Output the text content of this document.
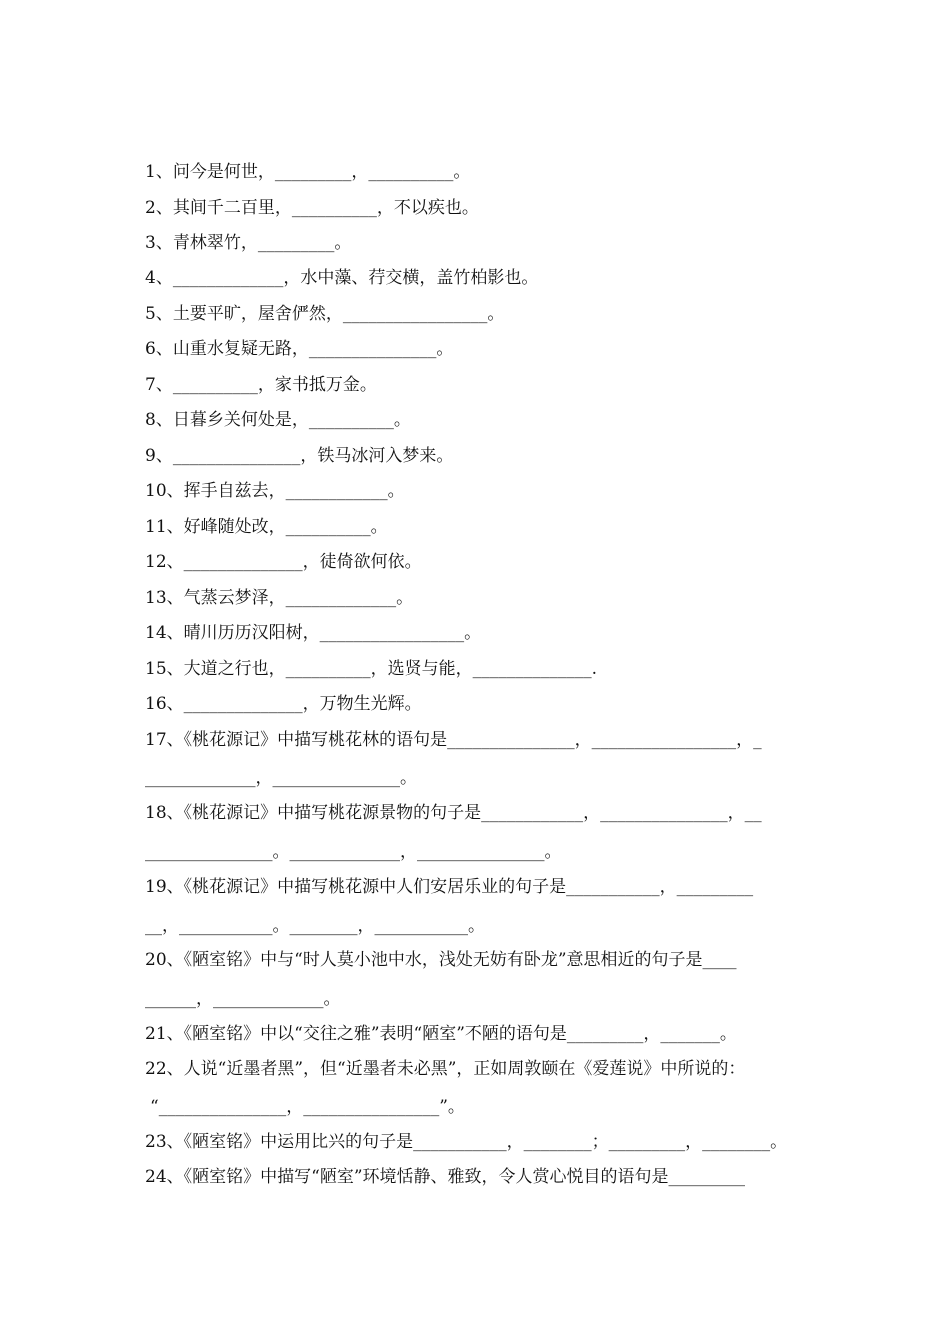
1、问今是何世，_________，__________。
2、其间千二百里，__________，不以疾也。
3、青林翠竹，_________。
4、_____________，水中藻、荇交横，盖竹柏影也。
5、土要平旷，屋舍俨然，_________________。
6、山重水复疑无路，_______________。
7、__________，家书抵万金。
8、日暮乡关何处是，__________。
9、_______________，铁马冰河入梦来。
10、挥手自兹去，____________。
11、好峰随处改，__________。
12、______________，徒倚欲何依。
13、气蒸云梦泽，_____________。
14、晴川历历汉阳树，_________________。
15、大道之行也，__________，选贤与能，______________.
16、______________，万物生光辉。
17、《桃花源记》中描写桃花林的语句是_______________，_________________，_
_____________，_______________。
18、《桃花源记》中描写桃花源景物的句子是____________，_______________，__
_______________。_____________，_______________。
19、《桃花源记》中描写桃花源中人们安居乐业的句子是___________，_________
__，___________。________，___________。
20、《陋室铭》中与“时人莫小池中水，浅处无妨有卧龙”意思相近的句子是____
______，_____________。
21、《陋室铭》中以“交往之雅”表明“陋室”不陋的语句是_________，_______。
22、人说“近墨者黑”，但“近墨者未必黑”，正如周敦颐在《爱莲说》中所说的：
“_______________，________________”。
23、《陋室铭》中运用比兴的句子是___________，________；_________，________。
24、《陋室铭》中描写“陋室”环境恬静、雅致，令人赏心悦目的语句是_________
